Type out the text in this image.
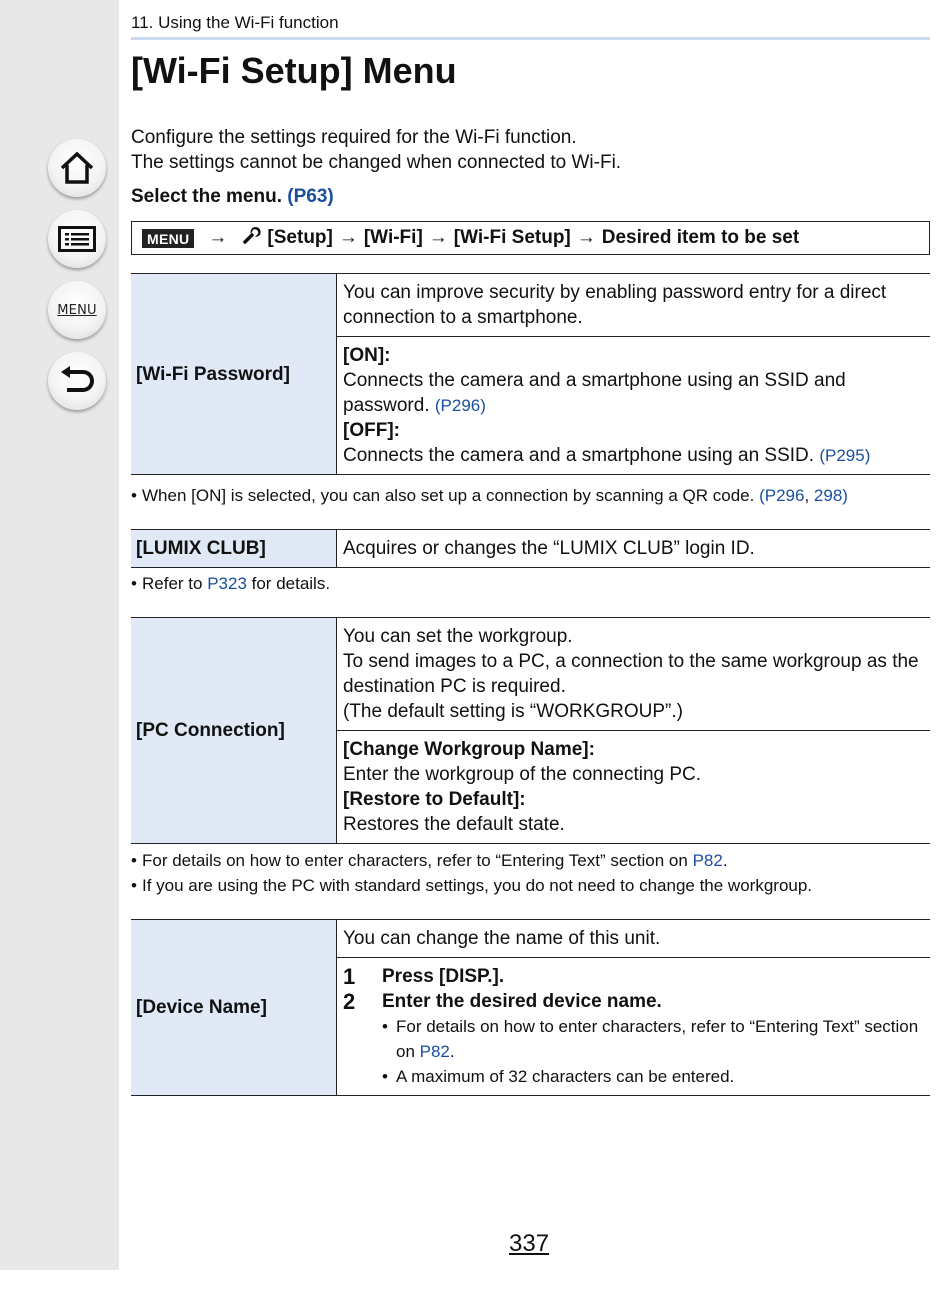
MENU
11. Using the Wi-Fi function
[Wi-Fi Setup] Menu
Configure the settings required for the Wi-Fi function.
The settings cannot be changed when connected to Wi-Fi.
Select the menu. (P63)
MENU → [Setup] → [Wi-Fi] → [Wi-Fi Setup] → Desired item to be set
[Wi-Fi Password]	You can improve security by enabling password entry for a direct connection to a smartphone.

[ON]:
Connects the camera and a smartphone using an SSID and password. (P296)
[OFF]:
Connects the camera and a smartphone using an SSID. (P295)
• When [ON] is selected, you can also set up a connection by scanning a QR code. (P296, 298)
[LUMIX CLUB]	Acquires or changes the “LUMIX CLUB” login ID.
• Refer to P323 for details.
[PC Connection]	
You can set the workgroup.
To send images to a PC, a connection to the same workgroup as the destination PC is required.
(The default setting is “WORKGROUP”.)

[Change Workgroup Name]:
Enter the workgroup of the connecting PC.
[Restore to Default]:
Restores the default state.
• For details on how to enter characters, refer to “Entering Text” section on P82.
• If you are using the PC with standard settings, you do not need to change the workgroup.
[Device Name]	You can change the name of this unit.

1	Press [DISP.].
2	Enter the desired device name.
• For details on how to enter characters, refer to “Entering Text” section on P82.
• A maximum of 32 characters can be entered.
337
